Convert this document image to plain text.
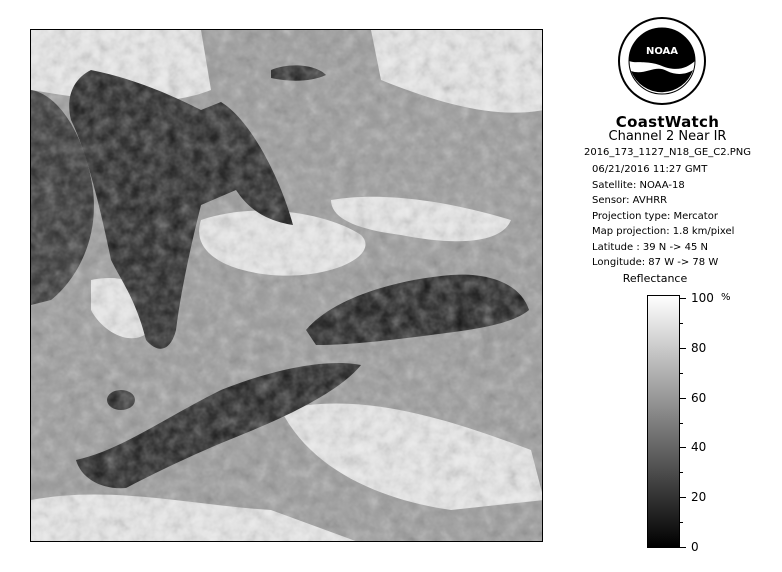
NOAA
CoastWatch
Channel 2 Near IR
2016_173_1127_N18_GE_C2.PNG
06/21/2016 11:27 GMT
Satellite: NOAA-18
Sensor: AVHRR
Projection type: Mercator
Map projection: 1.8 km/pixel
Latitude : 39 N -> 45 N
Longitude: 87 W -> 78 W
Reflectance
%
100
80
60
40
20
0
